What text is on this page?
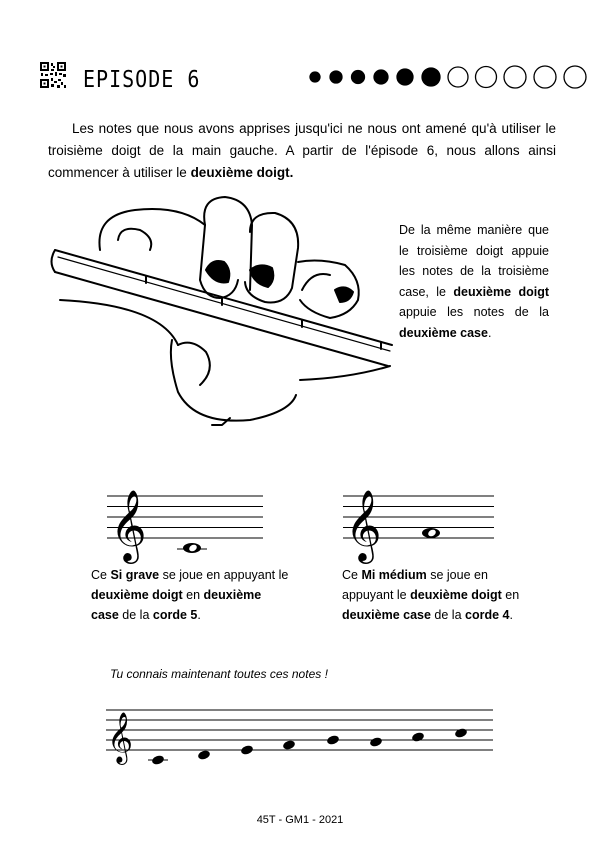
EPISODE 6

Les notes que nous avons apprises jusqu'ici ne nous ont amené qu'à utiliser le troisième doigt de la main gauche. A partir de l'épisode 6, nous allons ainsi commencer à utiliser le deuxième doigt.

De la même manière que le troisième doigt appuie les notes de la troisième case, le deuxième doigt appuie les notes de la deuxième case.

𝄞	𝄞
𝄞

Ce Si grave se joue en appuyant le deuxième doigt en deuxième case de la corde 5.

Ce Mi médium se joue en appuyant le deuxième doigt en deuxième case de la corde 4.

Tu connais maintenant toutes ces notes !
45T - GM1 - 2021
